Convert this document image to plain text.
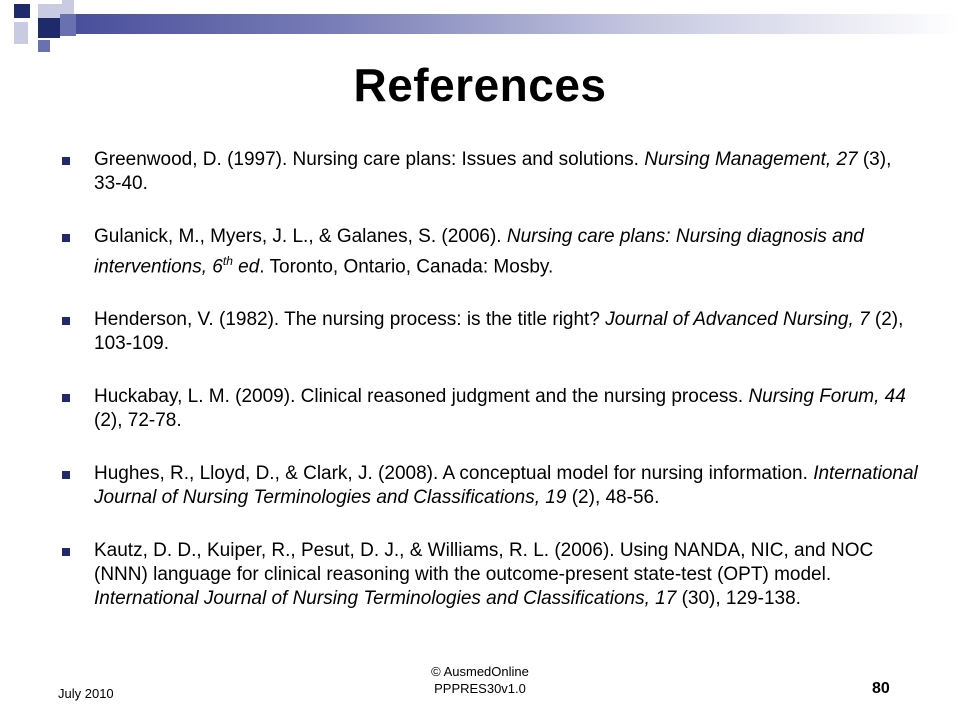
References
Greenwood, D. (1997). Nursing care plans: Issues and solutions. Nursing Management, 27 (3), 33-40.
Gulanick, M., Myers, J. L., & Galanes, S. (2006). Nursing care plans: Nursing diagnosis and interventions, 6th ed. Toronto, Ontario, Canada: Mosby.
Henderson, V. (1982). The nursing process: is the title right? Journal of Advanced Nursing, 7 (2), 103-109.
Huckabay, L. M. (2009). Clinical reasoned judgment and the nursing process. Nursing Forum, 44 (2), 72-78.
Hughes, R., Lloyd, D., & Clark, J. (2008). A conceptual model for nursing information. International Journal of Nursing Terminologies and Classifications, 19 (2), 48-56.
Kautz, D. D., Kuiper, R., Pesut, D. J., & Williams, R. L. (2006). Using NANDA, NIC, and NOC (NNN) language for clinical reasoning with the outcome-present state-test (OPT) model. International Journal of Nursing Terminologies and Classifications, 17 (30), 129-138.
July 2010
© AusmedOnline
PPPRES30v1.0	80
